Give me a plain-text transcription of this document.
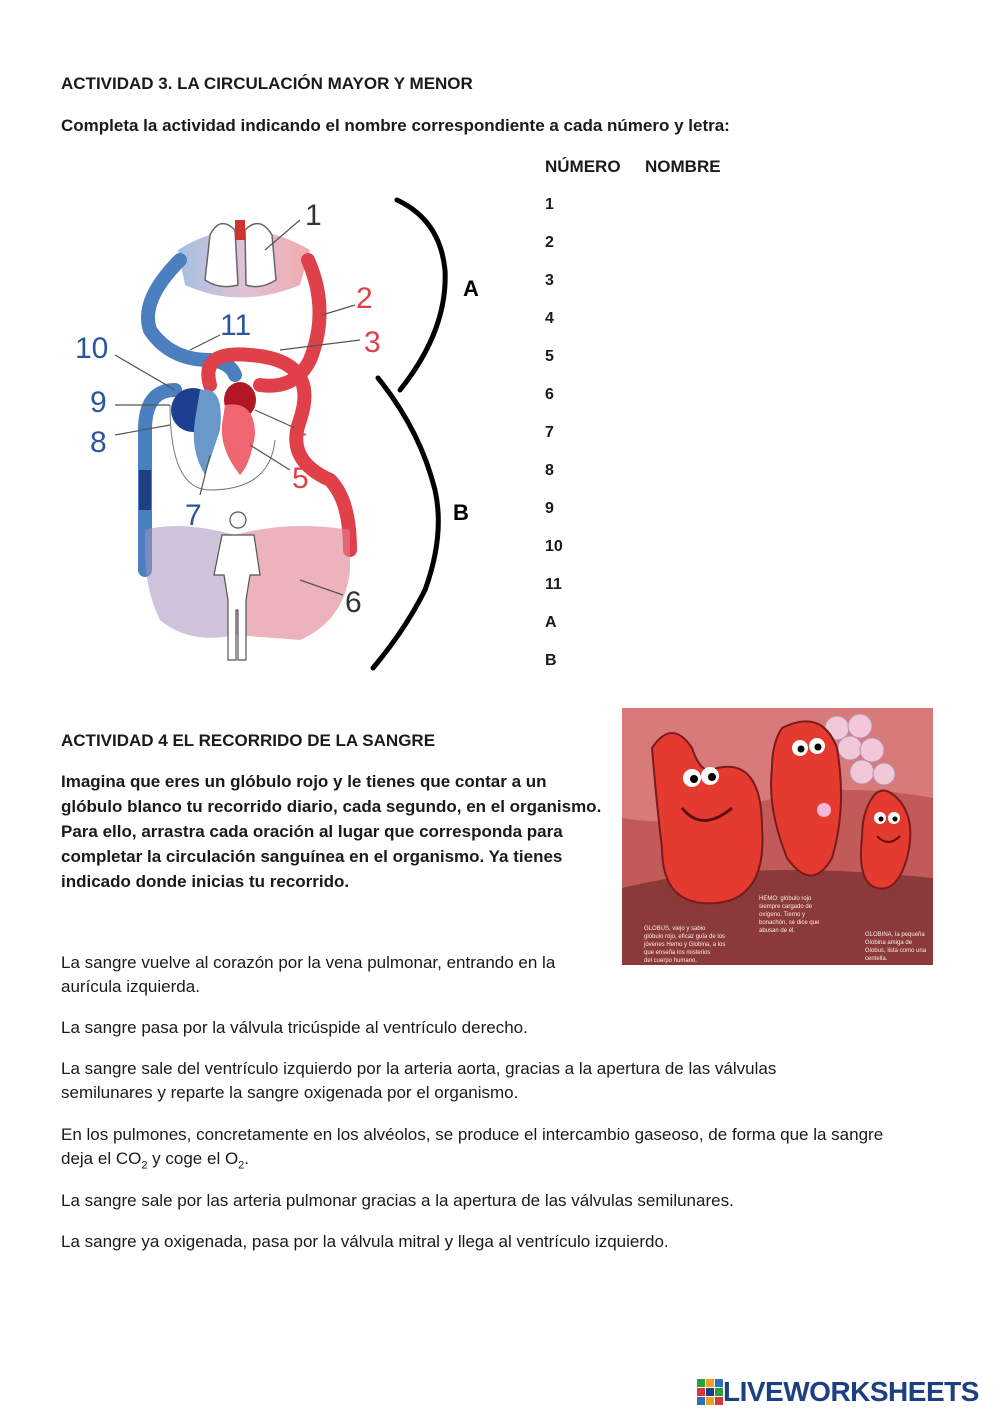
ACTIVIDAD 3. LA CIRCULACIÓN MAYOR Y MENOR
Completa la actividad indicando el nombre correspondiente a cada número y letra:
NÚMERO NOMBRE
1
2
3
4
5
6
7
8
9
10
11
A
B
1
2
3
4
5
6
7
8
9
10
11
A
B
ACTIVIDAD 4 EL RECORRIDO DE LA SANGRE
Imagina que eres un glóbulo rojo y le tienes que contar a un glóbulo blanco tu recorrido diario, cada segundo, en el organismo. Para ello, arrastra cada oración al lugar que corresponda para completar la circulación sanguínea en el organismo. Ya tienes indicado donde inicias tu recorrido.
HEMO: glóbulo rojo
siempre cargado de
oxígeno. Tierno y
bonachón, se dice que
abusan de él.
GLOBUS, viejo y sabio
glóbulo rojo, eficaz guía de los
jóvenes Hemo y Globina, a los
que enseña los misterios
del cuerpo humano.
GLOBINA, la pequeña
Globina amiga de
Globus, lista como una
centella.
La sangre vuelve al corazón por la vena pulmonar, entrando en la aurícula izquierda.
La sangre pasa por la válvula tricúspide al ventrículo derecho.
La sangre sale del ventrículo izquierdo por la arteria aorta, gracias a la apertura de las válvulas semilunares y reparte la sangre oxigenada por el organismo.
En los pulmones, concretamente en los alvéolos, se produce el intercambio gaseoso, de forma que la sangre deja el $CO_2$ y coge el $O_2$.
La sangre sale por las arteria pulmonar gracias a la apertura de las válvulas semilunares.
La sangre ya oxigenada, pasa por la válvula mitral y llega al ventrículo izquierdo.
LIVEWORKSHEETS
